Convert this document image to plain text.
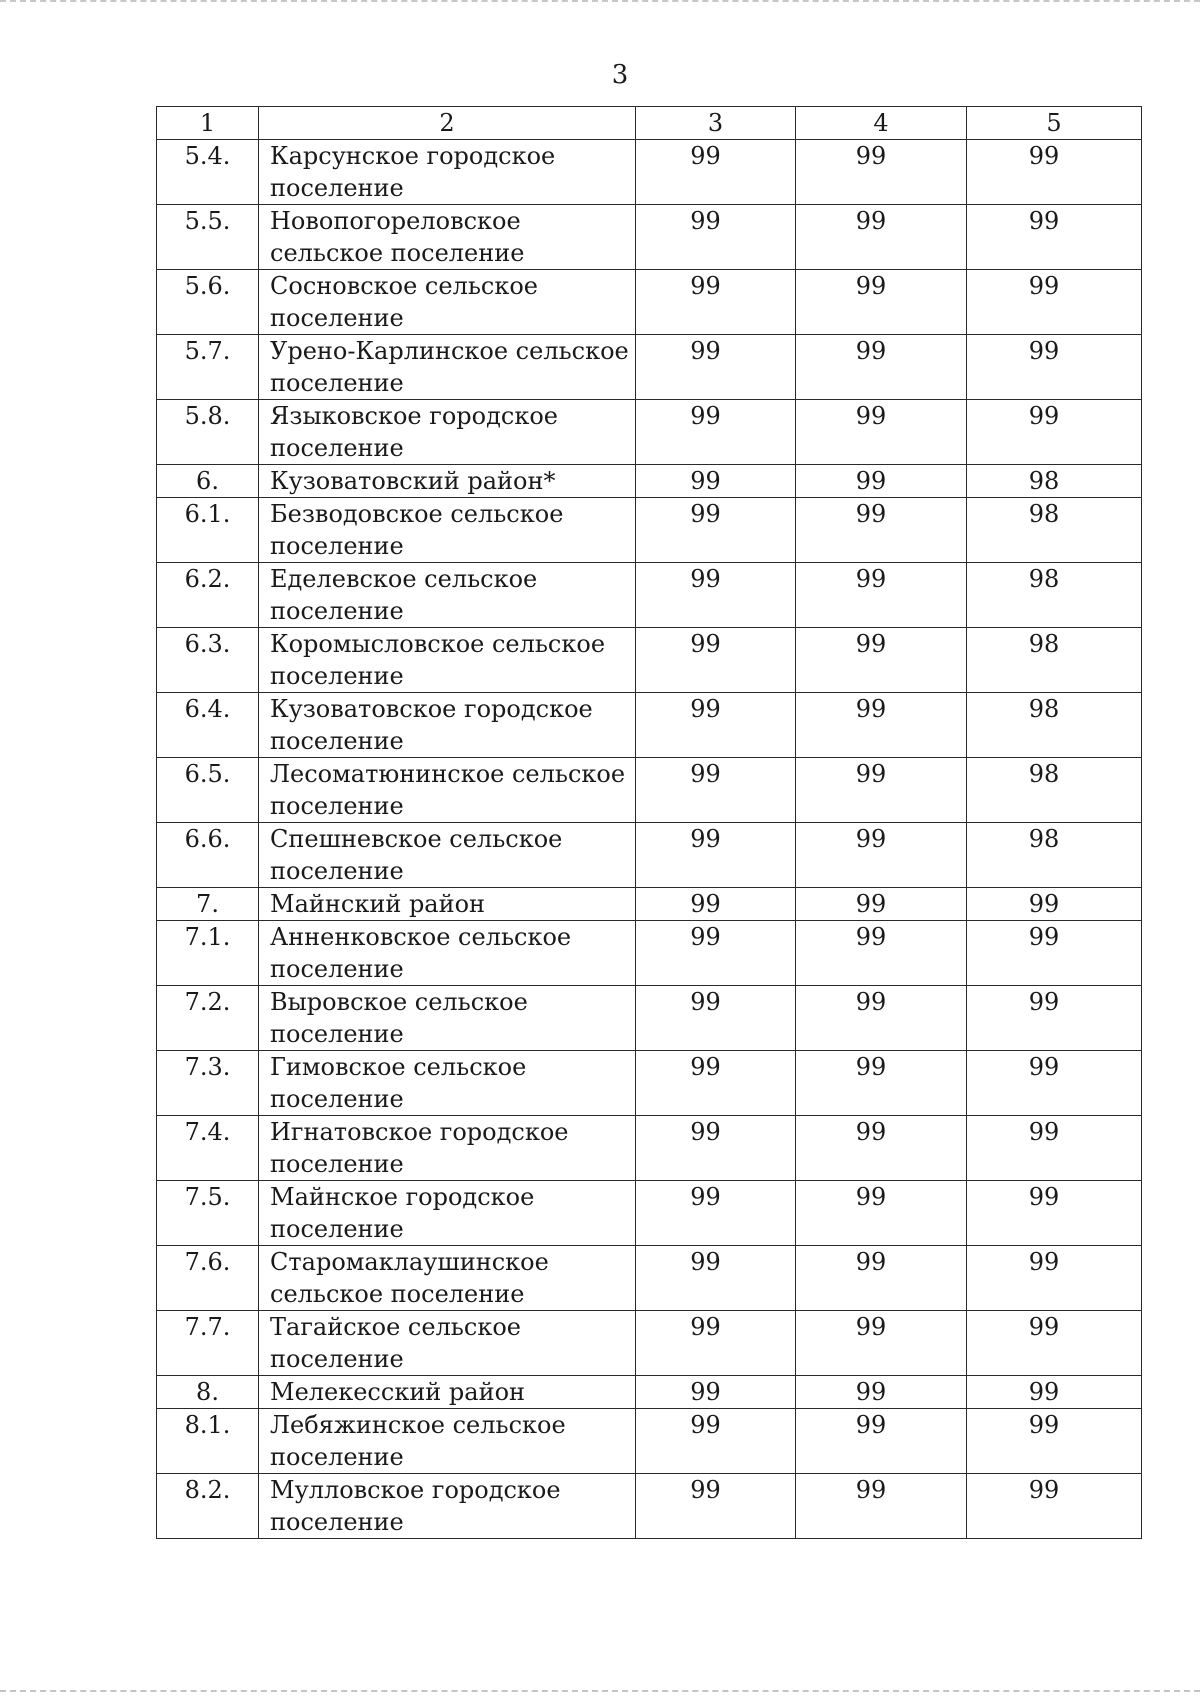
3
1	2	3	4	5
5.4.	Карсунское городское поселение	99	99	99
5.5.	Новопогореловское сельское поселение	99	99	99
5.6.	Сосновское сельское поселение	99	99	99
5.7.	Урено-Карлинское сельское поселение	99	99	99
5.8.	Языковское городское поселение	99	99	99
6.	Кузоватовский район*	99	99	98
6.1.	Безводовское сельское поселение	99	99	98
6.2.	Еделевское сельское поселение	99	99	98
6.3.	Коромысловское сельское поселение	99	99	98
6.4.	Кузоватовское городское поселение	99	99	98
6.5.	Лесоматюнинское сельское поселение	99	99	98
6.6.	Спешневское сельское поселение	99	99	98
7.	Майнский район	99	99	99
7.1.	Анненковское сельское поселение	99	99	99
7.2.	Выровское сельское поселение	99	99	99
7.3.	Гимовское сельское поселение	99	99	99
7.4.	Игнатовское городское поселение	99	99	99
7.5.	Майнское городское поселение	99	99	99
7.6.	Старомаклаушинское сельское поселение	99	99	99
7.7.	Тагайское сельское поселение	99	99	99
8.	Мелекесский район	99	99	99
8.1.	Лебяжинское сельское поселение	99	99	99
8.2.	Мулловское городское поселение	99	99	99
